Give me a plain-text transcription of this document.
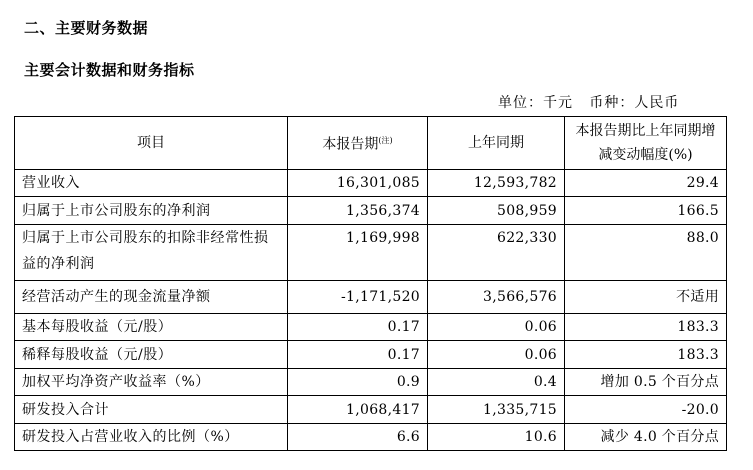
二、主要财务数据
主要会计数据和财务指标
单位：千元   币种：人民币
项目	本报告期$^{(注)}$	上年同期	本报告期比上年同期增减变动幅度(%)
营业收入	16,301,085	12,593,782	29.4
归属于上市公司股东的净利润	1,356,374	508,959	166.5
归属于上市公司股东的扣除非经常性损益的净利润	1,169,998	622,330	88.0
经营活动产生的现金流量净额	-1,171,520	3,566,576	不适用
基本每股收益（元/股）	0.17	0.06	183.3
稀释每股收益（元/股）	0.17	0.06	183.3
加权平均净资产收益率（%）	0.9	0.4	增加 0.5 个百分点
研发投入合计	1,068,417	1,335,715	-20.0
研发投入占营业收入的比例（%）	6.6	10.6	减少 4.0 个百分点
